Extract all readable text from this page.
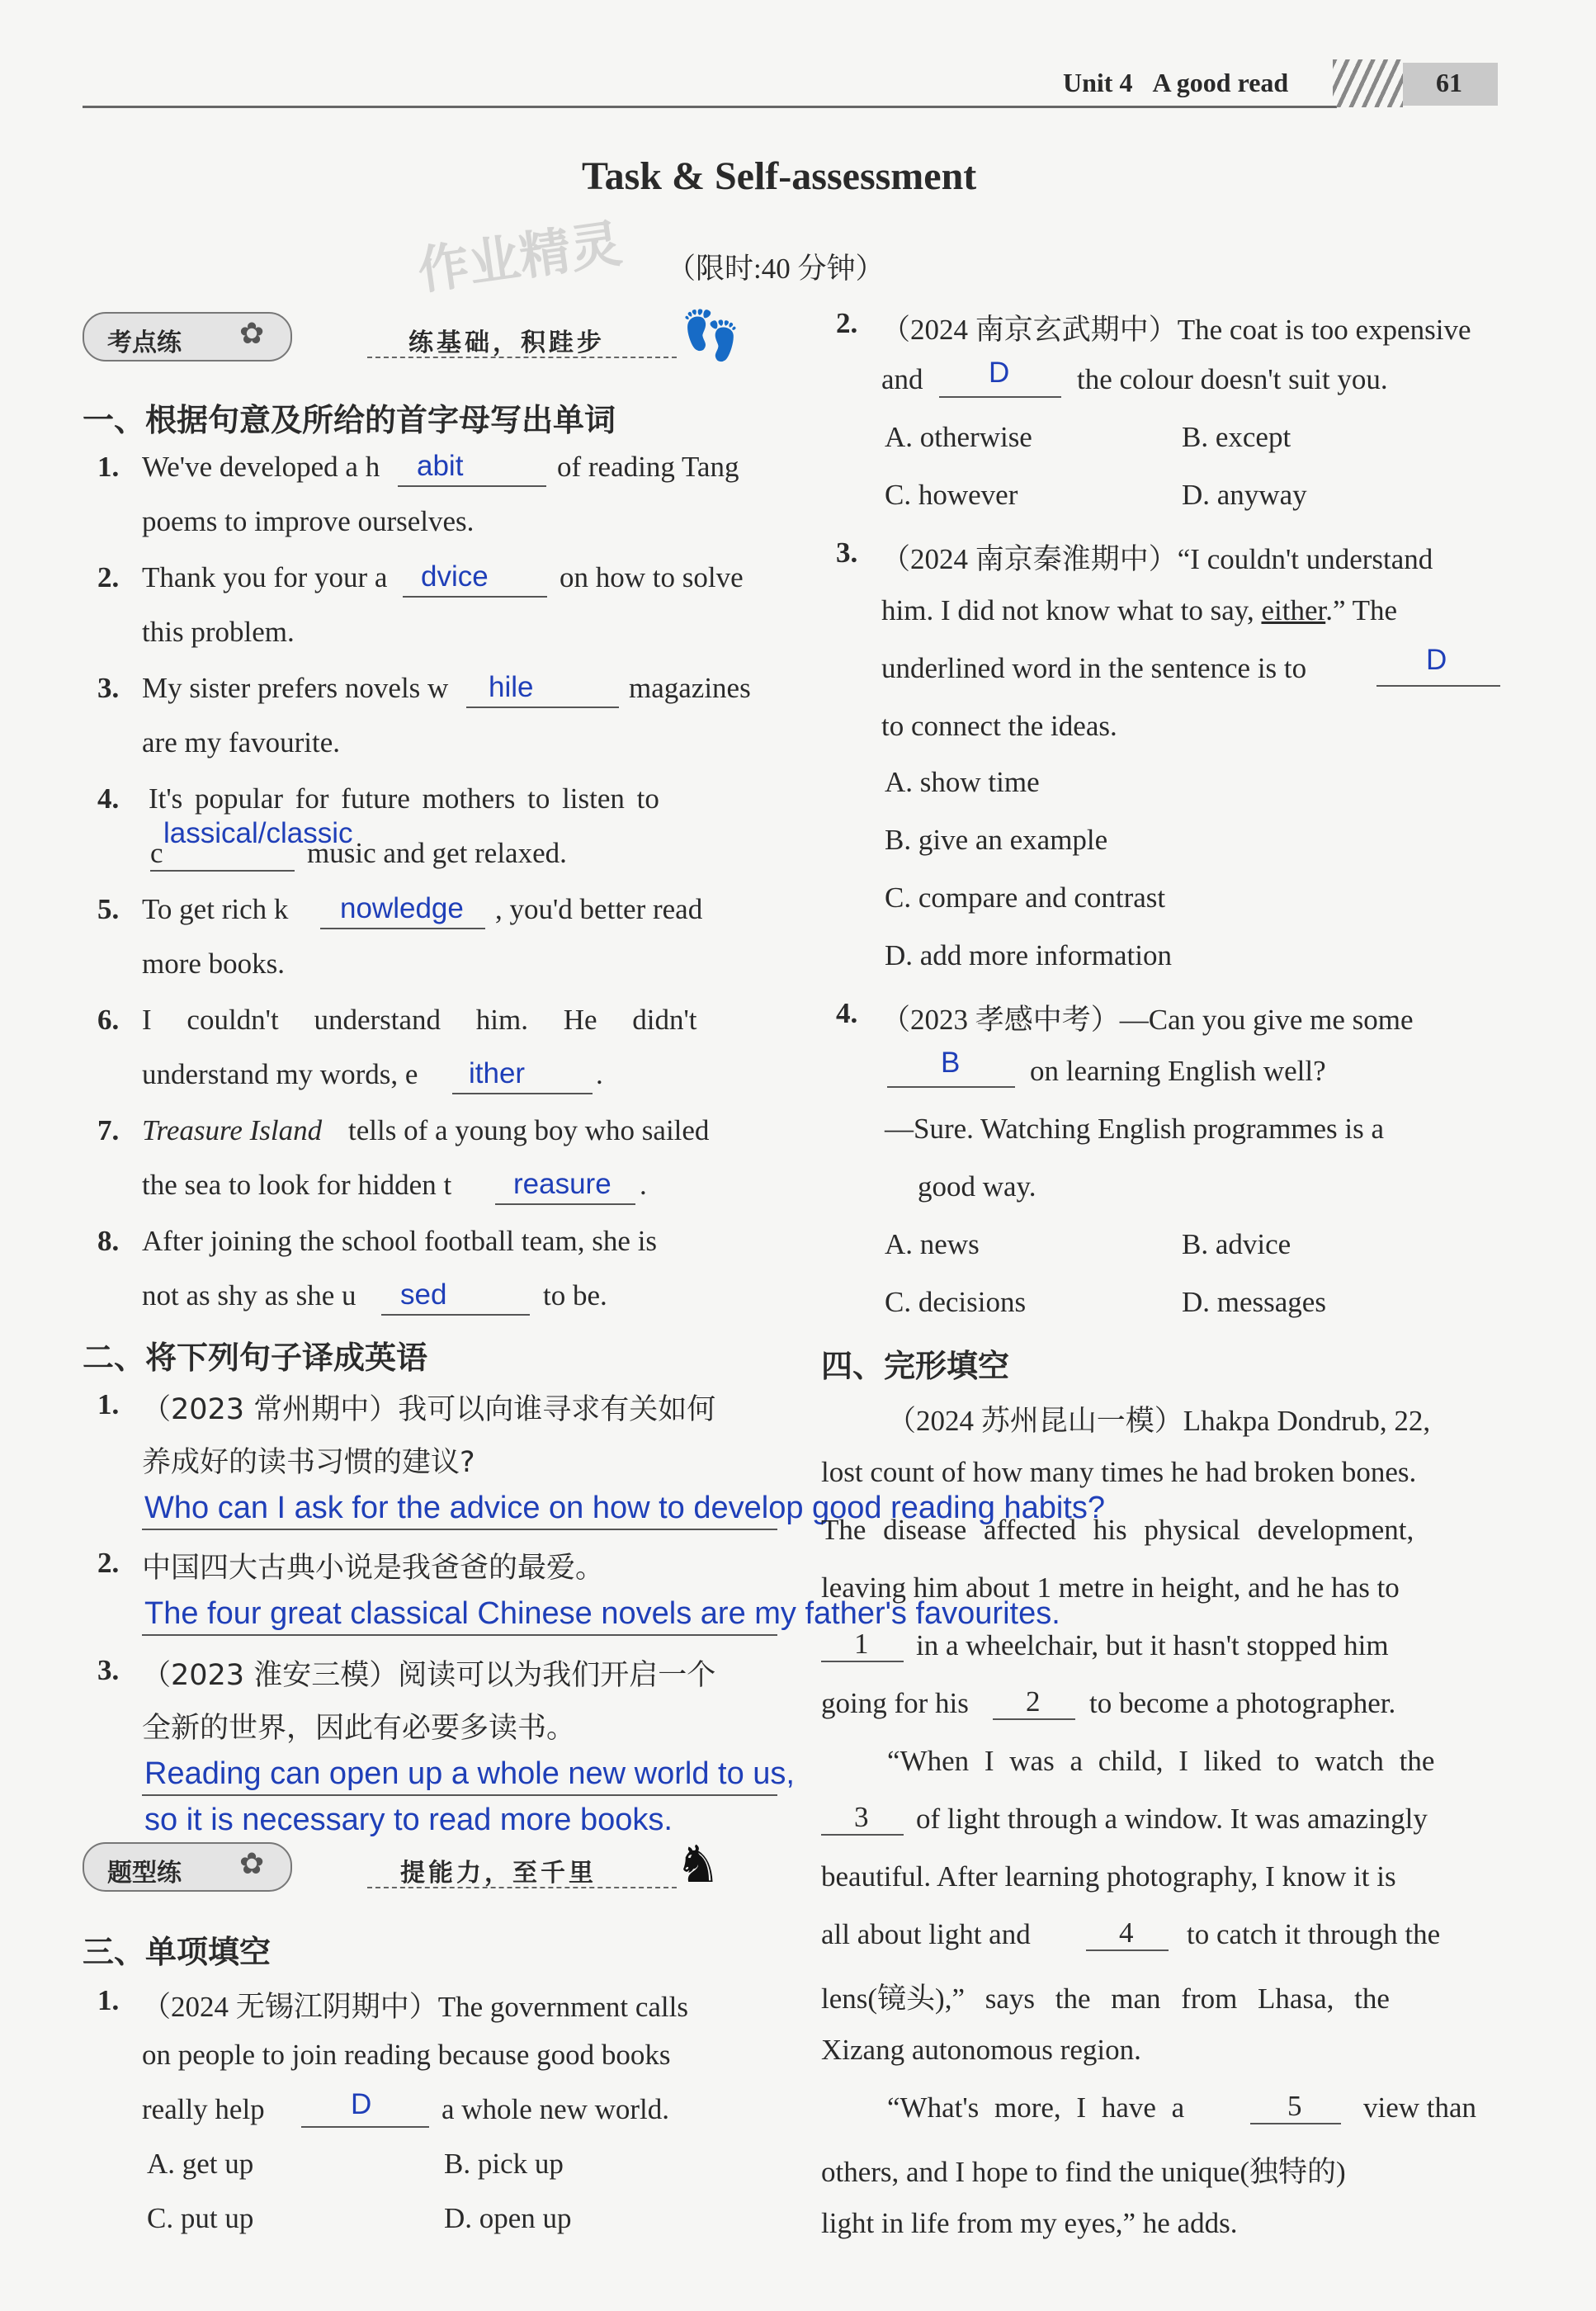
Unit 4 A good read	61
Task & Self-assessment
作业精灵 （限时:40 分钟）
考点练 ✿	练基础，积跬步 👣
一、根据句意及所给的首字母写出单词
1. We've developed a h abit	of reading Tang
poems to improve ourselves.
2. Thank you for your a dvice on how to solve
this problem.
3. My sister prefers novels w hile	magazines
are my favourite.
4. It's popular for future mothers to listen to
lassical/classic
c	music and get relaxed.
5. To get rich k nowledge , you'd better read
more books.
6. I couldn't understand him. He didn't
understand my words, e ither .
7. Treasure Island tells of a young boy who sailed
the sea to look for hidden t reasure .
8. After joining the school football team, she is
not as shy as she u sed	to be.
二、将下列句子译成英语
1. （2023 常州期中）我可以向谁寻求有关如何
养成好的读书习惯的建议?
Who can I ask for the advice on how to develop good reading habits?
2. 中国四大古典小说是我爸爸的最爱。
The four great classical Chinese novels are my father's favourites.
3. （2023 淮安三模）阅读可以为我们开启一个
全新的世界，因此有必要多读书。
Reading can open up a whole new world to us,
so it is necessary to read more books.
题型练 ✿	提能力，至千里 ♞
三、单项填空
1. （2024 无锡江阴期中）The government calls
on people to join reading because good books
really help	D a whole new world.
A. get up	B. pick up
C. put up	D. open up
2. （2024 南京玄武期中）The coat is too expensive
and D the colour doesn't suit you.
A. otherwise	B. except
C. however	D. anyway
3. （2024 南京秦淮期中）“I couldn't understand
him. I did not know what to say, either.” The
underlined word in the sentence is to	D
to connect the ideas.
A. show time
B. give an example
C. compare and contrast
D. add more information
4. （2023 孝感中考）—Can you give me some
B on learning English well?
—Sure. Watching English programmes is a
good way.
A. news	B. advice
C. decisions	D. messages
四、完形填空
（2024 苏州昆山一模）Lhakpa Dondrub, 22,
lost count of how many times he had broken bones.
The disease affected his physical development,
leaving him about 1 metre in height, and he has to
1 in a wheelchair, but it hasn't stopped him
going for his 2 to become a photographer.
“When I was a child, I liked to watch the
3 of light through a window. It was amazingly
beautiful. After learning photography, I know it is
all about light and	4 to catch it through the
lens(镜头),” says the man from Lhasa, the
Xizang autonomous region.
“What's more, I have a	5 view than
others, and I hope to find the unique(独特的)
light in life from my eyes,” he adds.
